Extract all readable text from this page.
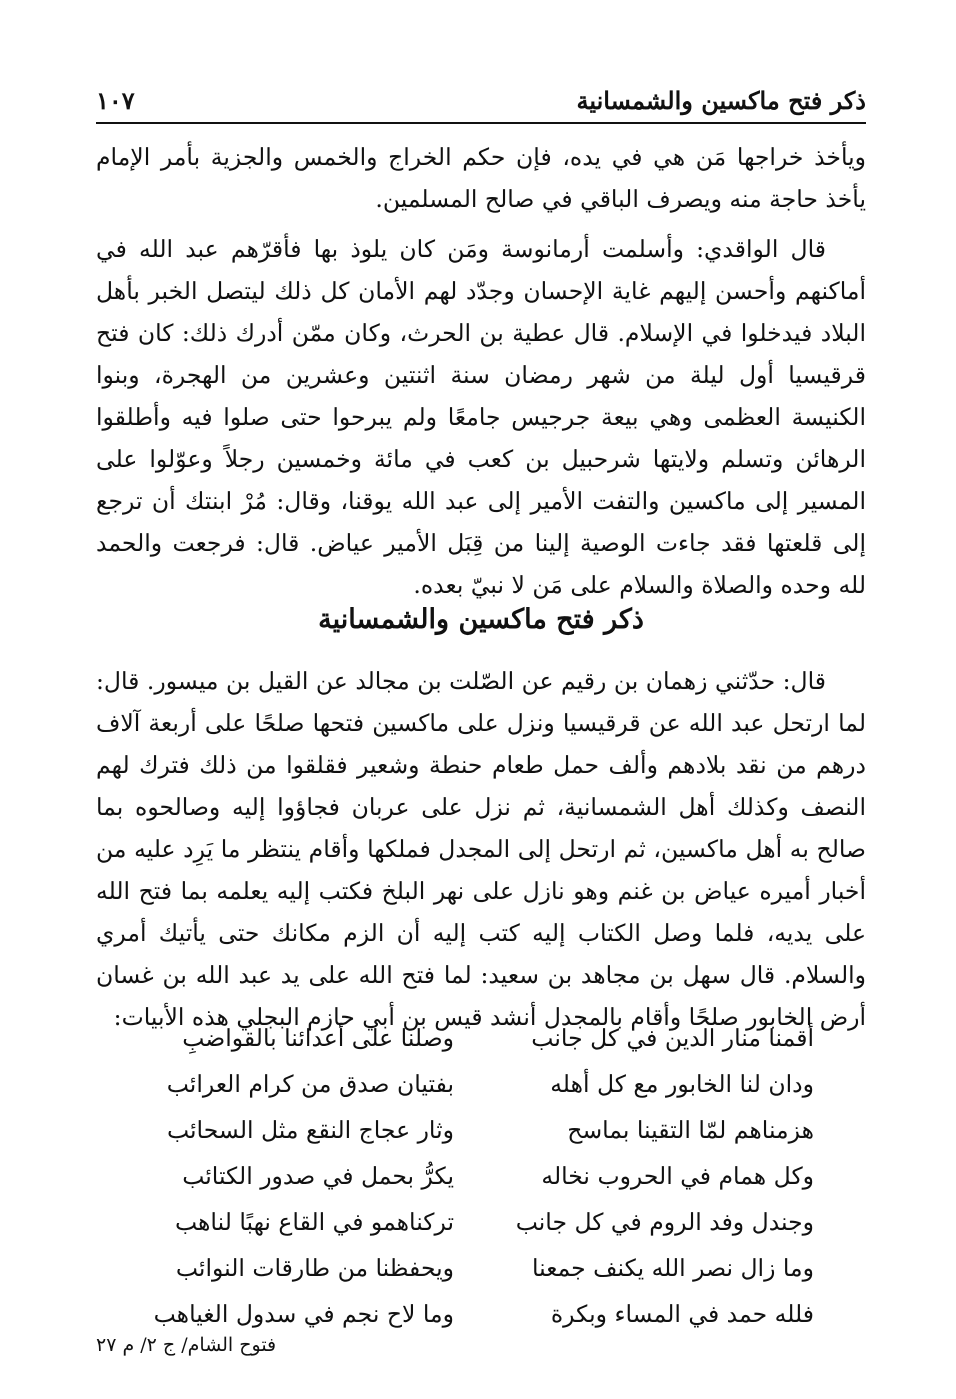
ذكر فتح ماكسين والشمسانية
١٠٧

ويأخذ خراجها مَن هي في يده، فإن حكم الخراج والخمس والجزية بأمر الإمام يأخذ حاجة منه ويصرف الباقي في صالح المسلمين.

قال الواقدي: وأسلمت أرمانوسة ومَن كان يلوذ بها فأقرّهم عبد الله في أماكنهم وأحسن إليهم غاية الإحسان وجدّد لهم الأمان كل ذلك ليتصل الخبر بأهل البلاد فيدخلوا في الإسلام. قال عطية بن الحرث، وكان ممّن أدرك ذلك: كان فتح قرقيسيا أول ليلة من شهر رمضان سنة اثنتين وعشرين من الهجرة، وبنوا الكنيسة العظمى وهي بيعة جرجيس جامعًا ولم يبرحوا حتى صلوا فيه وأطلقوا الرهائن وتسلم ولايتها شرحبيل بن كعب في مائة وخمسين رجلاً وعوّلوا على المسير إلى ماكسين والتفت الأمير إلى عبد الله يوقنا، وقال: مُرْ ابنتك أن ترجع إلى قلعتها فقد جاءت الوصية إلينا من قِبَل الأمير عياض. قال: فرجعت والحمد لله وحده والصلاة والسلام على مَن لا نبيّ بعده.

ذكر فتح ماكسين والشمسانية

قال: حدّثني زهمان بن رقيم عن الصّلت بن مجالد عن القيل بن ميسور. قال: لما ارتحل عبد الله عن قرقيسيا ونزل على ماكسين فتحها صلحًا على أربعة آلاف درهم من نقد بلادهم وألف حمل طعام حنطة وشعير فقلقوا من ذلك فترك لهم النصف وكذلك أهل الشمسانية، ثم نزل على عربان فجاؤوا إليه وصالحوه بما صالح به أهل ماكسين، ثم ارتحل إلى المجدل فملكها وأقام ينتظر ما يَرِد عليه من أخبار أميره عياض بن غنم وهو نازل على نهر البلخ فكتب إليه يعلمه بما فتح الله على يديه، فلما وصل الكتاب إليه كتب إليه أن الزم مكانك حتى يأتيك أمري والسلام. قال سهل بن مجاهد بن سعيد: لما فتح الله على يد عبد الله بن غسان أرض الخابور صلحًا وأقام بالمجدل أنشد قيس بن أبي حازم البجلي هذه الأبيات:

أقمنا منار الدين في كل جانب
وصلنا على أعدائنا بالقواضبِ
ودان لنا الخابور مع كل أهله
بفتيان صدق من كرام العرائب
هزمناهم لمّا التقينا بماسح
وثار عجاج النقع مثل السحائب
وكل همام في الحروب نخاله
يكرُّ بحمل في صدور الكتائب
وجندل وفد الروم في كل جانب
تركناهمو في القاع نهبًا لناهب
وما زال نصر الله يكنف جمعنا
ويحفظنا من طارقات النوائب
فلله حمد في المساء وبكرة
وما لاح نجم في سدول الغياهب
فتوح الشام/ ج ٢/ م ٢٧
